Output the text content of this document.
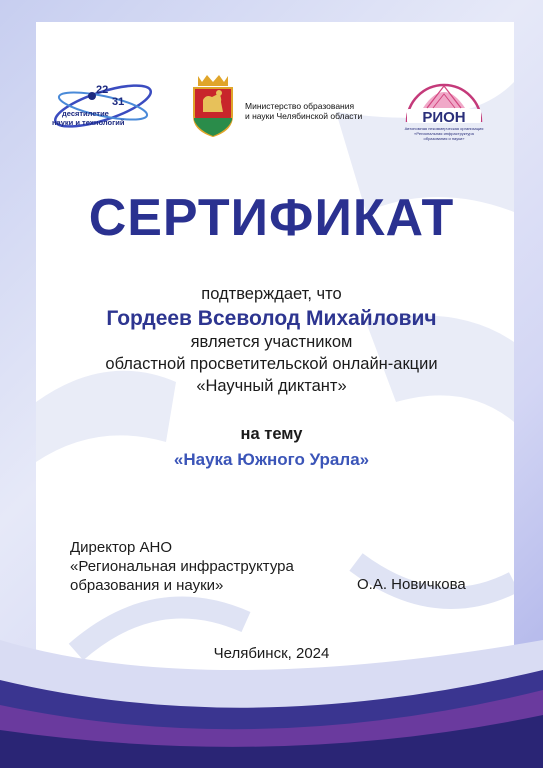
22
31
десятилетие
науки и технологий
Министерство образования
и науки Челябинской области	РИОН
Автономная некоммерческая организация
«Региональная инфраструктура
образования и науки»
СЕРТИФИКАТ
подтверждает, что
Гордеев Всеволод Михайлович
является участником
областной просветительской онлайн-акции
«Научный диктант»
на тему
«Наука Южного Урала»
Директор АНО
«Региональная инфраструктура
образования и науки»	О.А. Новичкова
Челябинск, 2024
